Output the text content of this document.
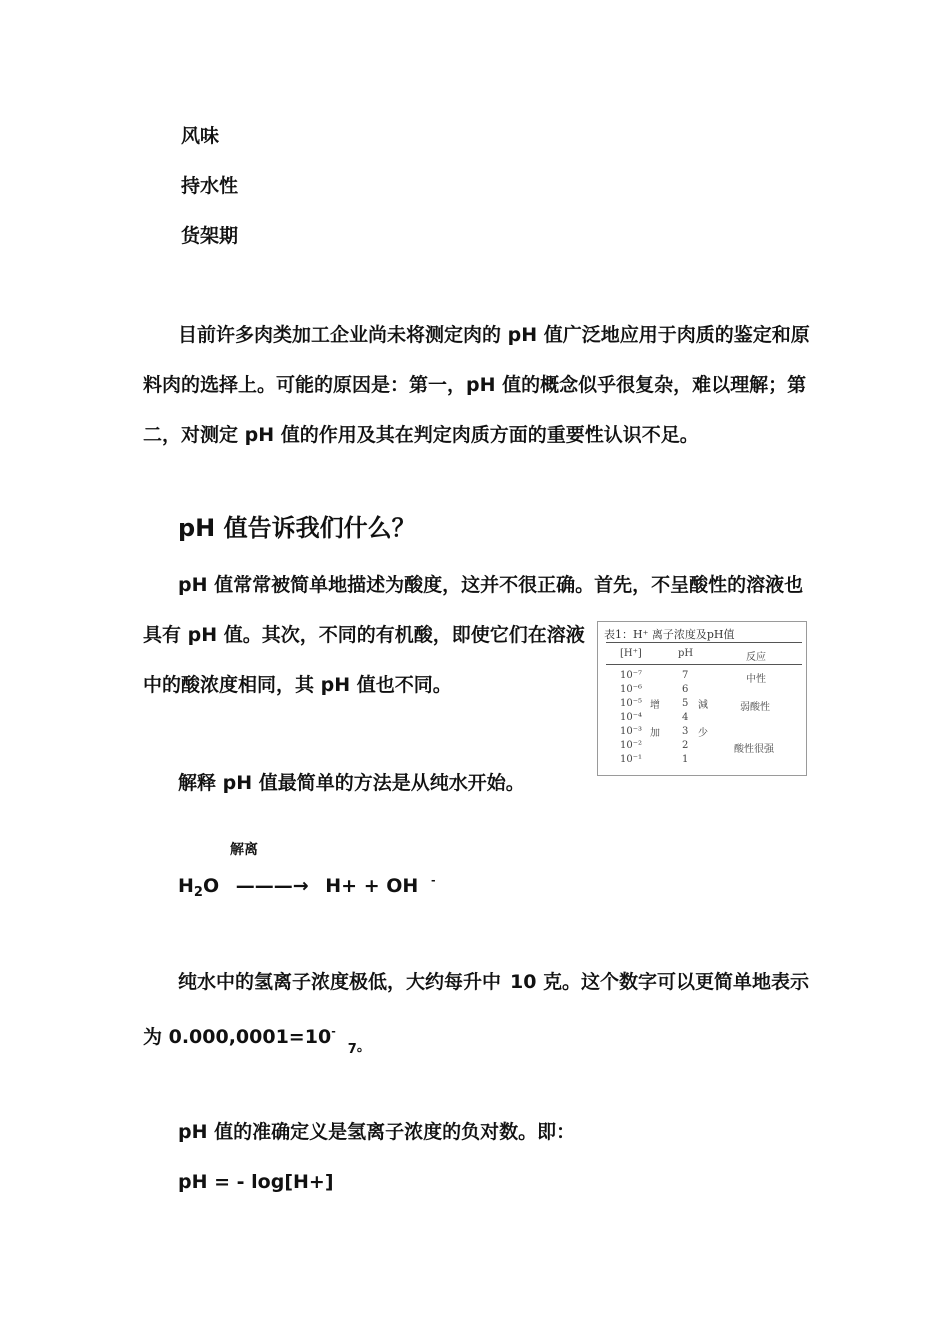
风味
持水性
货架期
目前许多肉类加工企业尚未将测定肉的 pH 值广泛地应用于肉质的鉴定和原
料肉的选择上。可能的原因是：第一，pH 值的概念似乎很复杂，难以理解；第
二，对测定 pH 值的作用及其在判定肉质方面的重要性认识不足。
pH 值告诉我们什么？
pH 值常常被简单地描述为酸度，这并不很正确。首先，不呈酸性的溶液也
具有 pH 值。其次，不同的有机酸，即使它们在溶液
中的酸浓度相同，其 pH 值也不同。
表1：H⁺ 离子浓度及pH值
[H⁺]	pH	反应
10⁻⁷
10⁻⁶
10⁻⁵
10⁻⁴
10⁻³
10⁻²
10⁻¹
增
加
7
6
5
4
3
2
1
減
少
中性
弱酸性
酸性很强
解释 pH 值最简单的方法是从纯水开始。
解离
$H_2O$ ———→ H+ + OH -
纯水中的氢离子浓度极低，大约每升中 10 克。这个数字可以更简单地表示
为 $0.000,0001=10^-_{7。}$
pH 值的准确定义是氢离子浓度的负对数。即：
pH = - log[H+]
